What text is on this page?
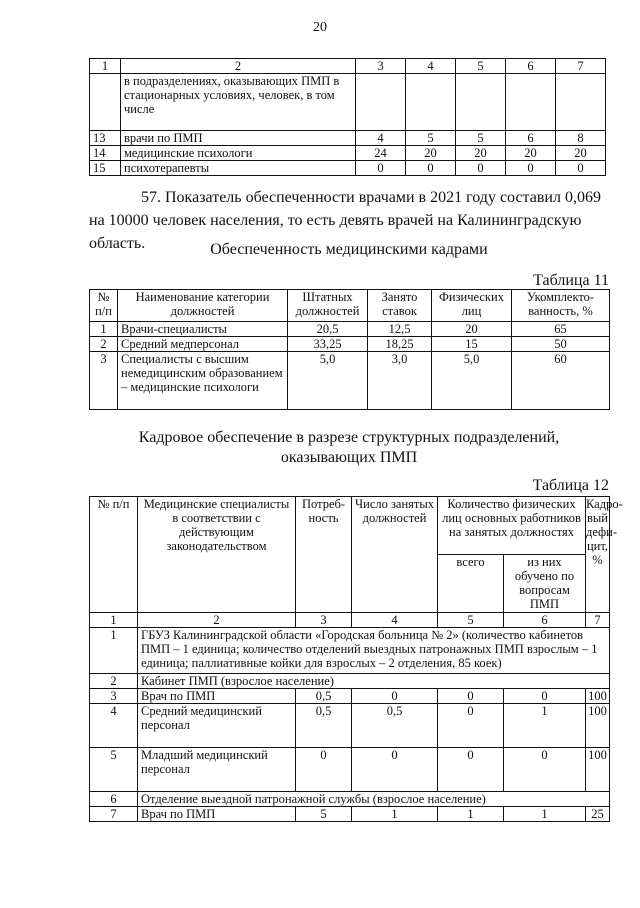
20
1	2	3	4	5	6	7
	в подразделениях, оказывающих ПМП в стационарных условиях, человек, в том числе					
13	врачи по ПМП	4	5	5	6	8
14	медицинские психологи	24	20	20	20	20
15	психотерапевты	0	0	0	0	0
57. Показатель обеспеченности врачами в 2021 году составил 0,069
на 10000 человек населения, то есть девять врачей на Калининградскую область.	Обеспеченность медицинскими кадрами
Таблица 11
№ п/п	Наименование категории должностей	Штатных должностей	Занято ставок	Физических лиц	Укомплекто-ванность, %
1	Врачи-специалисты	20,5	12,5	20	65
2	Средний медперсонал	33,25	18,25	15	50
3	Специалисты с высшим немедицинским образованием – медицинские психологи	5,0	3,0	5,0	60
Кадровое обеспечение в разрезе структурных подразделений,
оказывающих ПМП
Таблица 12
№ п/п	Медицинские специалисты в соответствии с действующим законодательством	Потреб-ность	Число занятых должностей	Количество физических лиц основных работников на занятых должностях		Кадро-вый дефи-цит, %
				всего	из них обучено по вопросам ПМП	
1	2	3	4	5	6	7
1	ГБУЗ Калининградской области «Городская больница № 2» (количество кабинетов ПМП – 1 единица; количество отделений выездных патронажных ПМП взрослым – 1 единица; паллиативные койки для взрослых – 2 отделения, 85 коек)					
2	Кабинет ПМП (взрослое население)					
3	Врач по ПМП	0,5	0	0	0	100
4	Средний медицинский персонал	0,5	0,5	0	1	100
5	Младший медицинский персонал	0	0	0	0	100
6	Отделение выездной патронажной службы (взрослое население)					
7	Врач по ПМП	5	1	1	1	25
